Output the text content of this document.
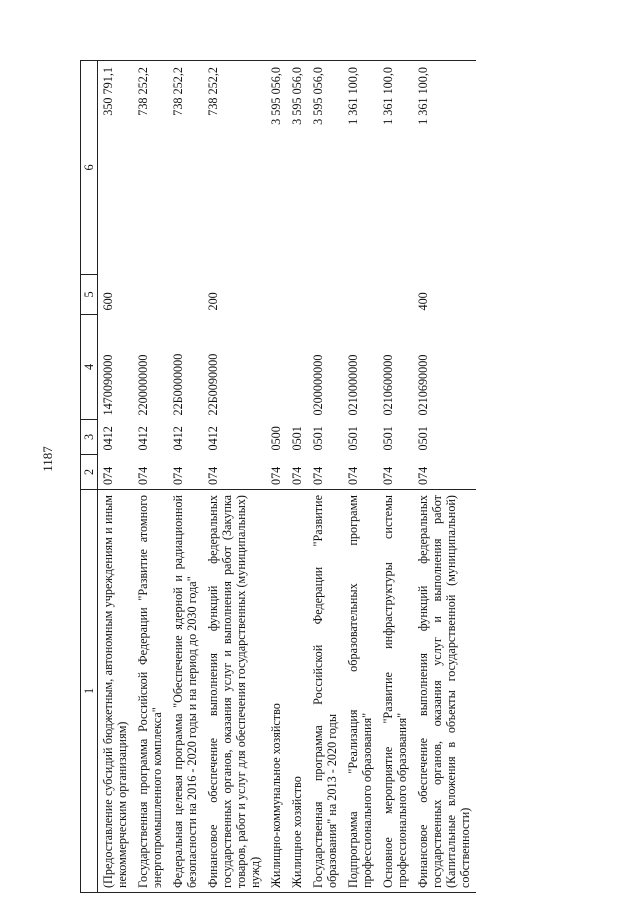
1187
1	2	3	4	5	6
(Предоставление субсидий бюджетным, автономным учреждениям и иным некоммерческим организациям)	074	0412	1470090000	600	350 791,1
Государственная программа Российской Федерации "Развитие атомного энергопромышленного комплекса"	074	0412	2200000000		738 252,2
Федеральная целевая программа "Обеспечение ядерной и радиационной безопасности на 2016 - 2020 годы и на период до 2030 года"	074	0412	22Б0000000		738 252,2
Финансовое обеспечение выполнения функций федеральных государственных органов, оказания услуг и выполнения работ (Закупка товаров, работ и услуг для обеспечения государственных (муниципальных) нужд)	074	0412	22Б0090000	200	738 252,2
Жилищно-коммунальное хозяйство	074	0500			3 595 056,0
Жилищное хозяйство	074	0501			3 595 056,0
Государственная программа Российской Федерации "Развитие образования" на 2013 - 2020 годы	074	0501	0200000000		3 595 056,0
Подпрограмма "Реализация образовательных программ профессионального образования"	074	0501	0210000000		1 361 100,0
Основное мероприятие "Развитие инфраструктуры системы профессионального образования"	074	0501	0210600000		1 361 100,0
Финансовое обеспечение выполнения функций федеральных государственных органов, оказания услуг и выполнения работ (Капитальные вложения в объекты государственной (муниципальной) собственности)	074	0501	0210690000	400	1 361 100,0
